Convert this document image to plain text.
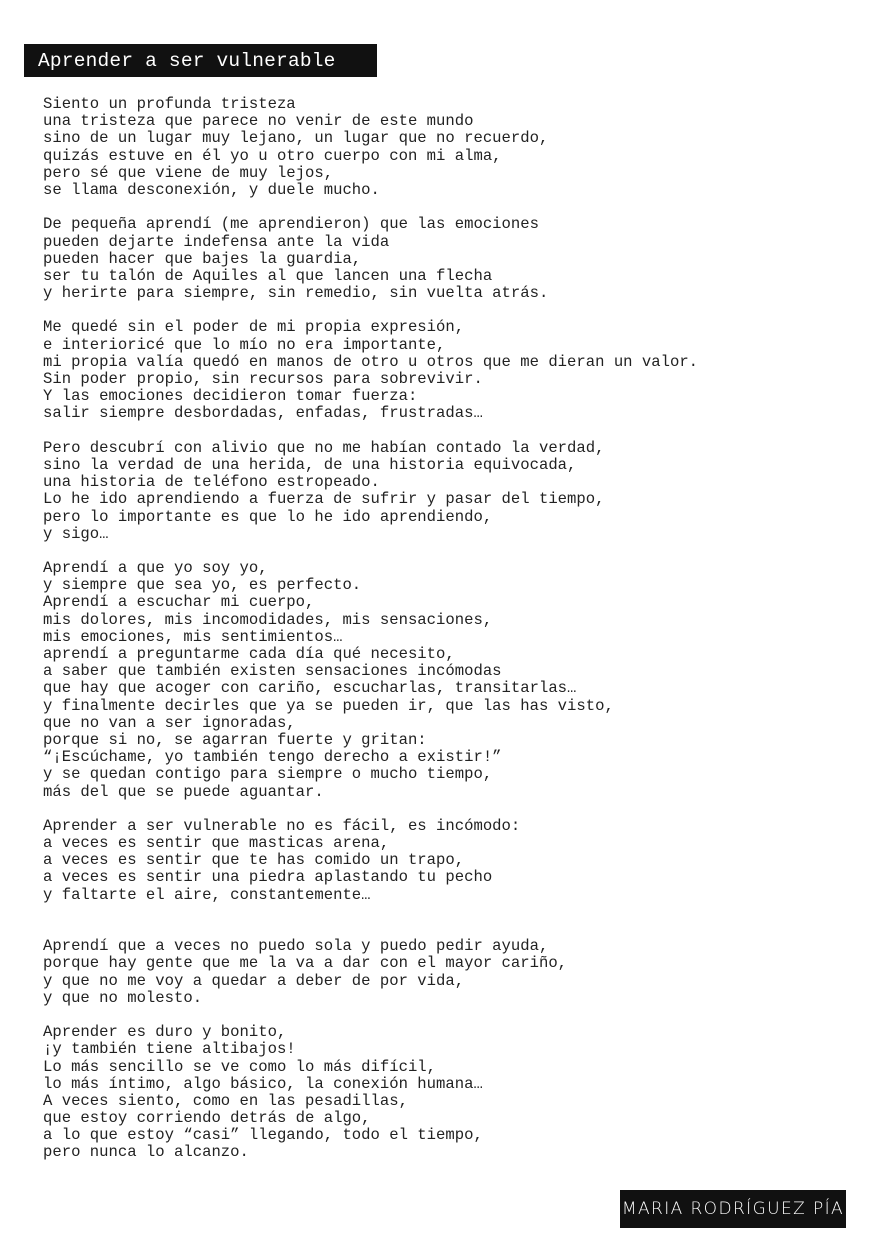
Aprender a ser vulnerable
Siento un profunda tristeza
una tristeza que parece no venir de este mundo
sino de un lugar muy lejano, un lugar que no recuerdo,
quizás estuve en él yo u otro cuerpo con mi alma,
pero sé que viene de muy lejos,
se llama desconexión, y duele mucho.
De pequeña aprendí (me aprendieron) que las emociones
pueden dejarte indefensa ante la vida
pueden hacer que bajes la guardia,
ser tu talón de Aquiles al que lancen una flecha
y herirte para siempre, sin remedio, sin vuelta atrás.
Me quedé sin el poder de mi propia expresión,
e interioricé que lo mío no era importante,
mi propia valía quedó en manos de otro u otros que me dieran un valor.
Sin poder propio, sin recursos para sobrevivir.
Y las emociones decidieron tomar fuerza:
salir siempre desbordadas, enfadas, frustradas…
Pero descubrí con alivio que no me habían contado la verdad,
sino la verdad de una herida, de una historia equivocada,
una historia de teléfono estropeado.
Lo he ido aprendiendo a fuerza de sufrir y pasar del tiempo,
pero lo importante es que lo he ido aprendiendo,
y sigo…
Aprendí a que yo soy yo,
y siempre que sea yo, es perfecto.
Aprendí a escuchar mi cuerpo,
mis dolores, mis incomodidades, mis sensaciones,
mis emociones, mis sentimientos…
aprendí a preguntarme cada día qué necesito,
a saber que también existen sensaciones incómodas
que hay que acoger con cariño, escucharlas, transitarlas…
y finalmente decirles que ya se pueden ir, que las has visto,
que no van a ser ignoradas,
porque si no, se agarran fuerte y gritan:
“¡Escúchame, yo también tengo derecho a existir!”
y se quedan contigo para siempre o mucho tiempo,
más del que se puede aguantar.
Aprender a ser vulnerable no es fácil, es incómodo:
a veces es sentir que masticas arena,
a veces es sentir que te has comido un trapo,
a veces es sentir una piedra aplastando tu pecho
y faltarte el aire, constantemente…
Aprendí que a veces no puedo sola y puedo pedir ayuda,
porque hay gente que me la va a dar con el mayor cariño,
y que no me voy a quedar a deber de por vida,
y que no molesto.
Aprender es duro y bonito,
¡y también tiene altibajos!
Lo más sencillo se ve como lo más difícil,
lo más íntimo, algo básico, la conexión humana…
A veces siento, como en las pesadillas,
que estoy corriendo detrás de algo,
a lo que estoy “casi” llegando, todo el tiempo,
pero nunca lo alcanzo.
MARIA RODRÍGUEZ PÍA
